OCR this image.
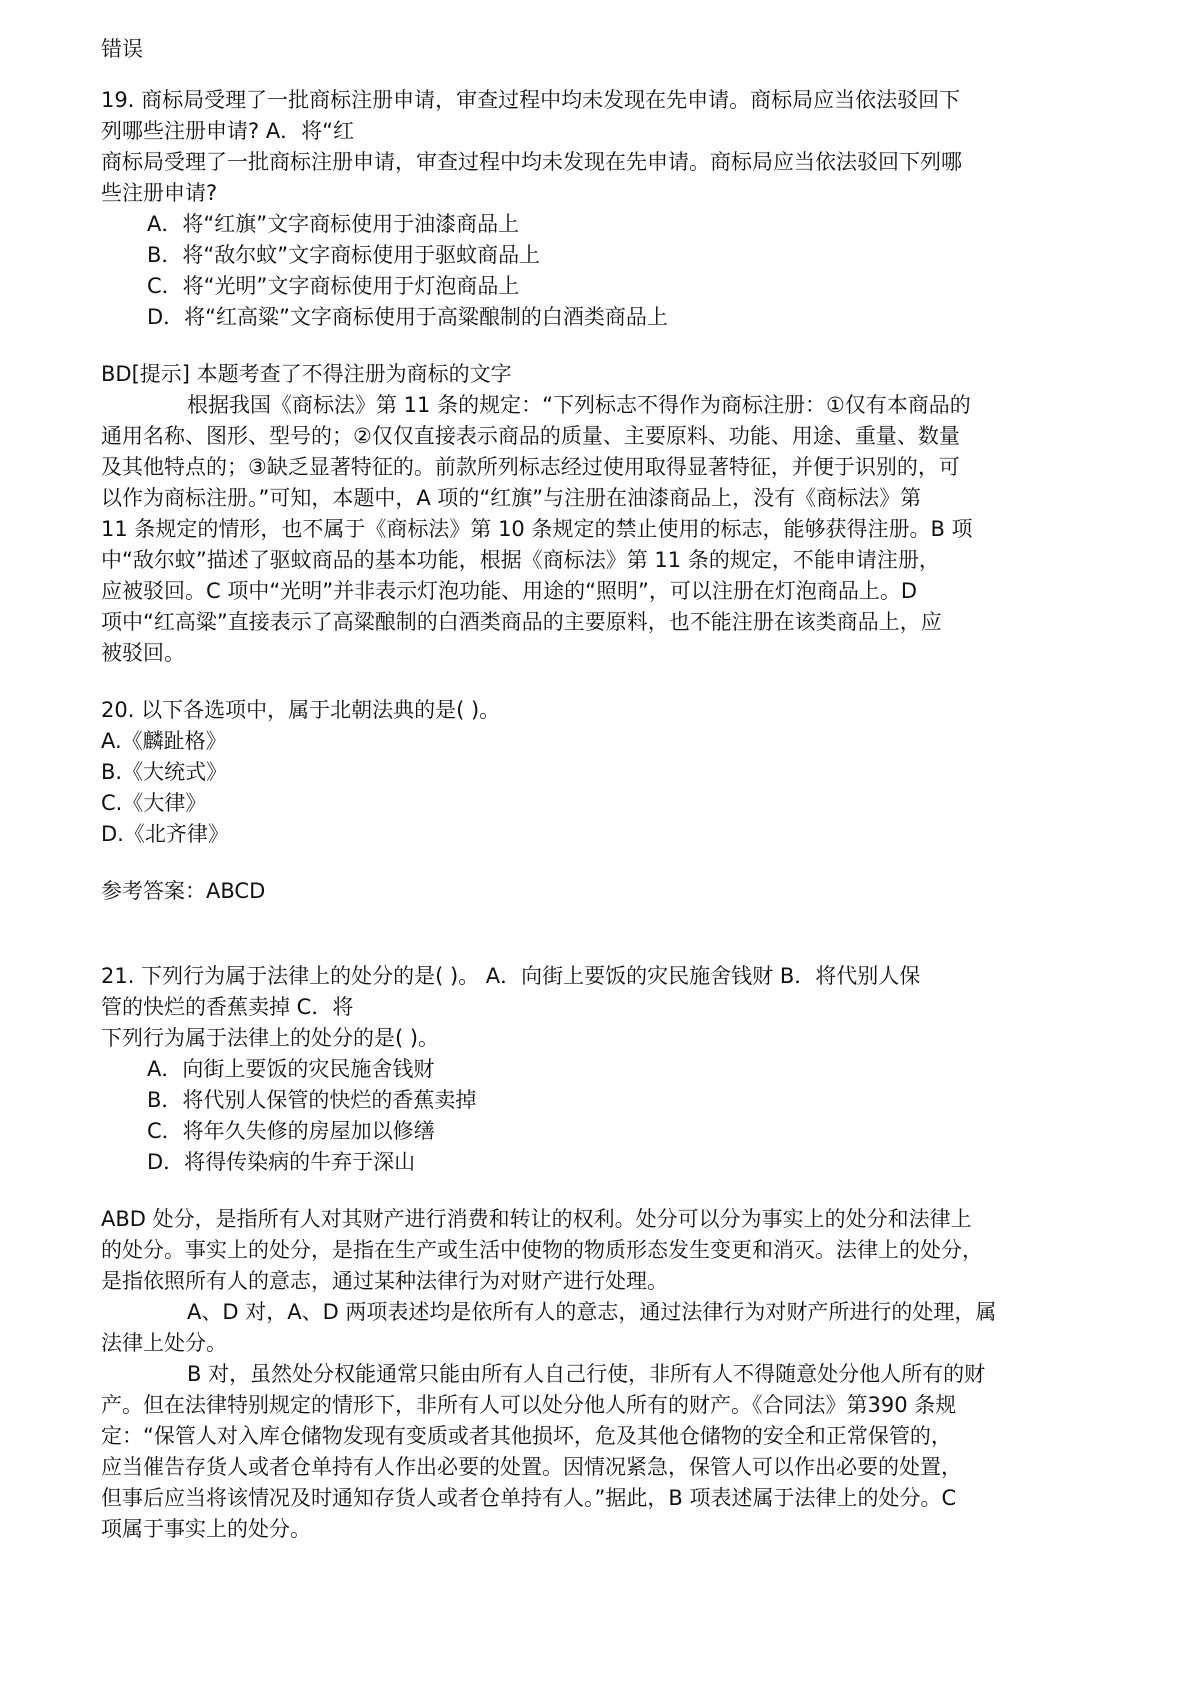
错误
19. 商标局受理了一批商标注册申请，审查过程中均未发现在先申请。商标局应当依法驳回下
列哪些注册申请? A．将“红
商标局受理了一批商标注册申请，审查过程中均未发现在先申请。商标局应当依法驳回下列哪
些注册申请?
A．将“红旗”文字商标使用于油漆商品上
B．将“敌尔蚊”文字商标使用于驱蚊商品上
C．将“光明”文字商标使用于灯泡商品上
D．将“红高粱”文字商标使用于高粱酿制的白酒类商品上
BD[提示] 本题考查了不得注册为商标的文字
根据我国《商标法》第 11 条的规定：“下列标志不得作为商标注册：①仅有本商品的
通用名称、图形、型号的；②仅仅直接表示商品的质量、主要原料、功能、用途、重量、数量
及其他特点的；③缺乏显著特征的。前款所列标志经过使用取得显著特征，并便于识别的，可
以作为商标注册。”可知，本题中，A 项的“红旗”与注册在油漆商品上，没有《商标法》第
11 条规定的情形，也不属于《商标法》第 10 条规定的禁止使用的标志，能够获得注册。B 项
中“敌尔蚊”描述了驱蚊商品的基本功能，根据《商标法》第 11 条的规定，不能申请注册，
应被驳回。C 项中“光明”并非表示灯泡功能、用途的“照明”，可以注册在灯泡商品上。D
项中“红高粱”直接表示了高粱酿制的白酒类商品的主要原料，也不能注册在该类商品上，应
被驳回。
20. 以下各选项中，属于北朝法典的是( )。
A.《麟趾格》
B.《大统式》
C.《大律》
D.《北齐律》
参考答案：ABCD
21. 下列行为属于法律上的处分的是( )。 A．向街上要饭的灾民施舍钱财 B．将代别人保
管的快烂的香蕉卖掉 C．将
下列行为属于法律上的处分的是( )。
A．向街上要饭的灾民施舍钱财
B．将代别人保管的快烂的香蕉卖掉
C．将年久失修的房屋加以修缮
D．将得传染病的牛弃于深山
ABD 处分，是指所有人对其财产进行消费和转让的权利。处分可以分为事实上的处分和法律上
的处分。事实上的处分，是指在生产或生活中使物的物质形态发生变更和消灭。法律上的处分，
是指依照所有人的意志，通过某种法律行为对财产进行处理。
A、D 对，A、D 两项表述均是依所有人的意志，通过法律行为对财产所进行的处理，属
法律上处分。
B 对，虽然处分权能通常只能由所有人自己行使，非所有人不得随意处分他人所有的财
产。但在法律特别规定的情形下，非所有人可以处分他人所有的财产。《合同法》第390 条规
定：“保管人对入库仓储物发现有变质或者其他损坏，危及其他仓储物的安全和正常保管的，
应当催告存货人或者仓单持有人作出必要的处置。因情况紧急，保管人可以作出必要的处置，
但事后应当将该情况及时通知存货人或者仓单持有人。”据此，B 项表述属于法律上的处分。C
项属于事实上的处分。
